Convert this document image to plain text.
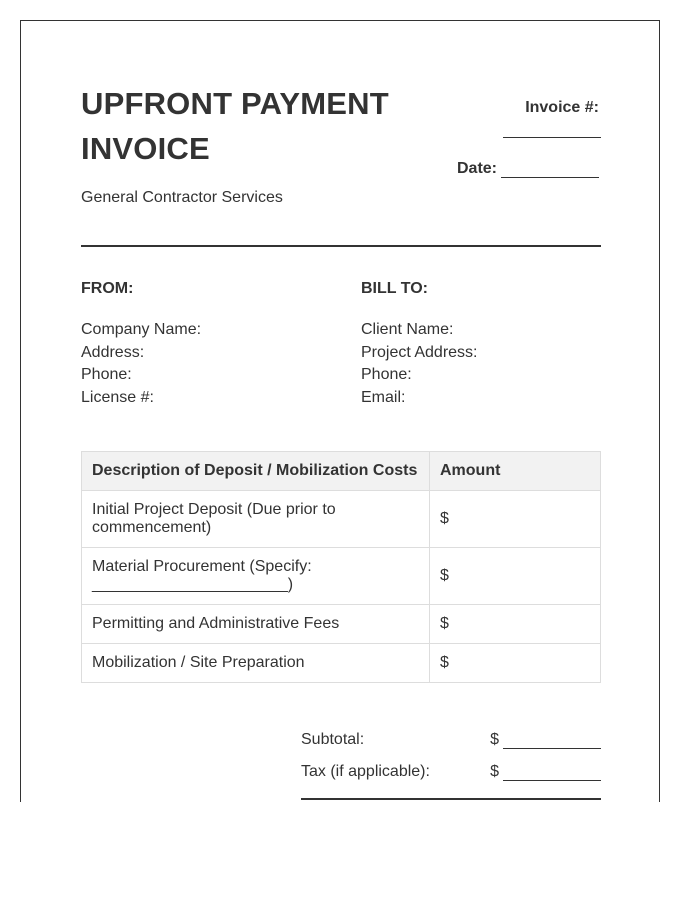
UPFRONT PAYMENT
INVOICE
General Contractor Services
Invoice #:
Date:
FROM:
Company Name:
Address:
Phone:
License #:
BILL TO:
Client Name:
Project Address:
Phone:
Email:
Description of Deposit / Mobilization Costs	Amount
Initial Project Deposit (Due prior to
commencement)	$
Material Procurement (Specify:
______________________)	$
Permitting and Administrative Fees	$
Mobilization / Site Preparation	$
Subtotal:	$
Tax (if applicable):	$
